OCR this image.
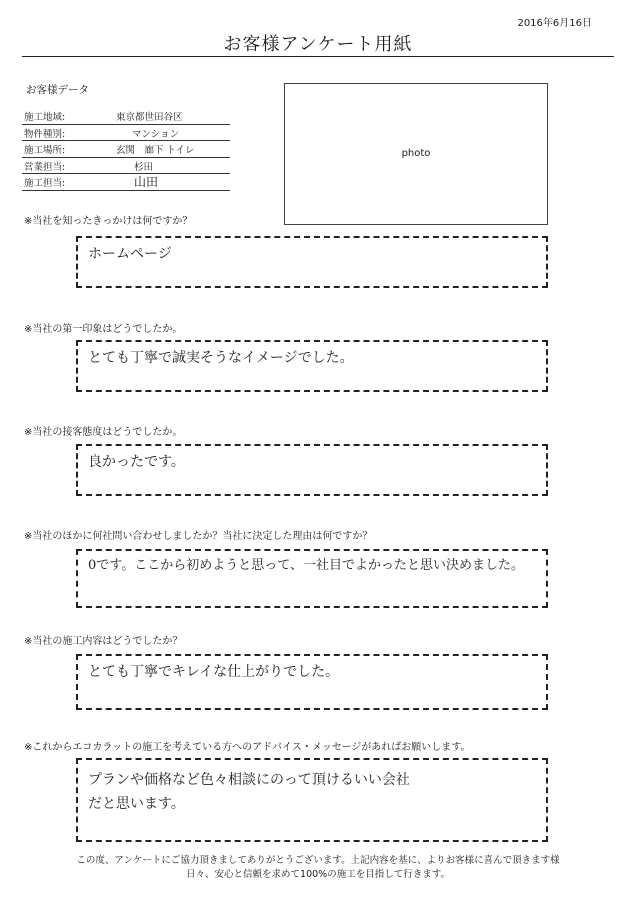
2016年6月16日
お客様アンケート用紙
お客様データ
施工地域:	東京都世田谷区
物件種別:	マンション
施工場所:	玄関　廊下 トイレ
営業担当:	杉田
施工担当:	山田
photo
※当社を知ったきっかけは何ですか？
ホームページ
※当社の第一印象はどうでしたか。
とても丁寧で誠実そうなイメージでした。
※当社の接客態度はどうでしたか。
良かったです。
※当社のほかに何社問い合わせしましたか？当社に決定した理由は何ですか？
0です。ここから初めようと思って、一社目でよかったと思い決めました。
※当社の施工内容はどうでしたか？
とても丁寧でキレイな仕上がりでした。
※これからエコカラットの施工を考えている方へのアドバイス・メッセージがあればお願いします。
プランや価格など色々相談にのって頂けるいい会社
だと思います。
この度、アンケートにご協力頂きましてありがとうございます。上記内容を基に、よりお客様に喜んで頂きます様
日々、安心と信頼を求めて100%の施工を目指して行きます。
